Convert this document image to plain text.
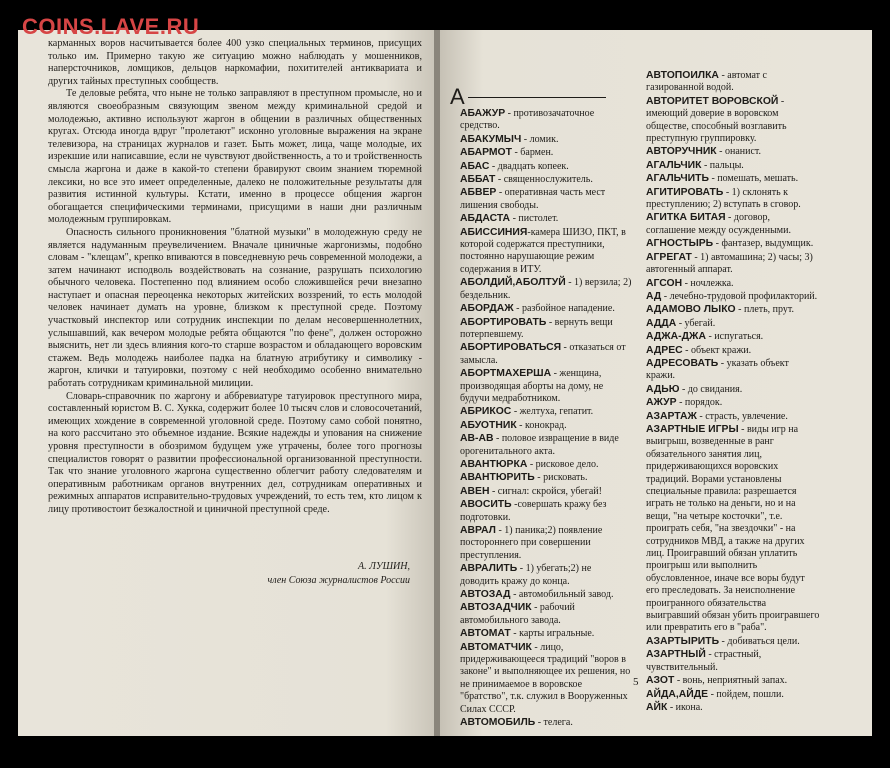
COINS.LAVE.RU

карманных воров насчитывается более 400 узко специальных терминов, присущих только им. Примерно такую же ситуацию можно наблюдать у мошенников, наперсточников, ломщиков, дельцов наркомафии, похитителей антиквариата и других тайных преступных сообществ.

Те деловые ребята, что ныне не только заправляют в преступном промысле, но и являются своеобразным связующим звеном между криминальной средой и молодежью, активно используют жаргон в общении в различных общественных кругах. Отсюда иногда вдруг "пролетают" исконно уголовные выражения на экране телевизора, на страницах журналов и газет. Быть может, лица, чаще молодые, их изрекшие или написавшие, если не чувствуют двойственность, а то и тройственность смысла жаргона и даже в какой-то степени бравируют своим знанием тюремной лексики, но все это имеет определенные, далеко не положительные результаты для развития истинной культуры. Кстати, именно в процессе общения жаргон обогащается специфическими терминами, присущими в наши дни различным молодежным группировкам.

Опасность сильного проникновения "блатной музыки" в молодежную среду не является надуманным преувеличением. Вначале циничные жаргонизмы, подобно словам - "клещам", крепко впиваются в повседневную речь современной молодежи, а затем начинают исподволь воздействовать на сознание, разрушать психологию обычного человека. Постепенно под влиянием особо сложившейся речи внезапно наступает и опасная переоценка некоторых житейских воззрений, то есть молодой человек начинает думать на уровне, близком к преступной среде. Поэтому участковый инспектор или сотрудник инспекции по делам несовершеннолетних, услышавший, как вечером молодые ребята общаются "по фене", должен осторожно выяснить, нет ли здесь влияния кого-то старше возрастом и обладающего воровским стажем. Ведь молодежь наиболее падка на блатную атрибутику и символику - жаргон, клички и татуировки, поэтому с ней необходимо особенно внимательно работать сотрудникам криминальной милиции.

Словарь-справочник по жаргону и аббревиатуре татуировок преступного мира, составленный юристом В. С. Хукка, содержит более 10 тысяч слов и словосочетаний, имеющих хождение в современной уголовной среде. Поэтому само собой понятно, на кого рассчитано это объемное издание. Всякие надежды и упования на снижение уровня преступности в обозримом будущем уже утрачены, более того прогнозы специалистов говорят о развитии профессиональной организованной преступности. Так что знание уголовного жаргона существенно облегчит работу следователям и оперативным работникам органов внутренних дел, сотрудникам оперативных и режимных аппаратов исправительно-трудовых учреждений, то есть тем, кто лицом к лицу противостоит безжалостной и циничной преступной среде.

А. ЛУШИН,
член Союза журналистов России
А
АБАЖУР - противозачаточное средство.
АБАКУМЫЧ - ломик.
АБАРМОТ - бармен.
АБАС - двадцать копеек.
АББАТ - священнослужитель.
АБВЕР - оперативная часть мест лишения свободы.
АБДАСТА - пистолет.
АБИССИНИЯ-камера ШИЗО, ПКТ, в которой содержатся преступники, постоянно нарушающие режим содержания в ИТУ.
АБОЛДИЙ,АБОЛТУЙ - 1) верзила; 2) бездельник.
АБОРДАЖ - разбойное нападение.
АБОРТИРОВАТЬ - вернуть вещи потерпевшему.
АБОРТИРОВАТЬСЯ - отказаться от замысла.
АБОРТМАХЕРША - женщина, производящая аборты на дому, не будучи медработником.
АБРИКОС - желтуха, гепатит.
АБУОТНИК - конокрад.
АВ-АВ - половое извращение в виде орогенитального акта.
АВАНТЮРКА - рисковое дело.
АВАНТЮРИТЬ - рисковать.
АВЕН - сигнал: скройся, убегай!
АВОСИТЬ -совершать кражу без подготовки.
АВРАЛ - 1) паника;2) появление постороннего при совершении преступления.
АВРАЛИТЬ - 1) убегать;2) не доводить кражу до конца.
АВТОЗАД - автомобильный завод.
АВТОЗАДЧИК - рабочий автомобильного завода.
АВТОМАТ - карты игральные.
АВТОМАТЧИК - лицо, придерживающееся традиций "воров в законе" и выполняющее их решения, но не принимаемое в воровское "братство", т.к. служил в Вооруженных Силах СССР.
АВТОМОБИЛЬ - телега.
АВТОПОИЛКА - автомат с газированной водой.
АВТОРИТЕТ ВОРОВСКОЙ - имеющий доверие в воровском обществе, способный возглавить преступную группировку.
АВТОРУЧНИК - онанист.
АГАЛЬЧИК - пальцы.
АГАЛЬЧИТЬ - помешать, мешать.
АГИТИРОВАТЬ - 1) склонять к преступлению; 2) вступать в сговор.
АГИТКА БИТАЯ - договор, соглашение между осужденными.
АГНОСТЫРЬ - фантазер, выдумщик.
АГРЕГАТ - 1) автомашина; 2) часы; 3) автогенный аппарат.
АГСОН - ночлежка.
АД - лечебно-трудовой профилакторий.
АДАМОВО ЛЫКО - плеть, прут.
АДДА - убегай.
АДЖА-ДЖА - испугаться.
АДРЕС - объект кражи.
АДРЕСОВАТЬ - указать объект кражи.
АДЬЮ - до свидания.
АЖУР - порядок.
АЗАРТАЖ - страсть, увлечение.
АЗАРТНЫЕ ИГРЫ - виды игр на выигрыш, возведенные в ранг обязательного занятия лиц, придерживающихся воровских традиций. Ворами установлены специальные правила: разрешается играть не только на деньги, но и на вещи, "на четыре косточки", т.е. проиграть себя, "на звездочки" - на сотрудников МВД, а также на других лиц. Проигравший обязан уплатить проигрыш или выполнить обусловленное, иначе все воры будут его преследовать. За неисполнение проигранного обязательства выигравший обязан убить проигравшего или превратить его в "раба".
АЗАРТЫРИТЬ - добиваться цели.
АЗАРТНЫЙ - страстный, чувствительный.
АЗОТ - вонь, неприятный запах.
АЙДА,АЙДЕ - пойдем, пошли.
АЙК - икона.
5
